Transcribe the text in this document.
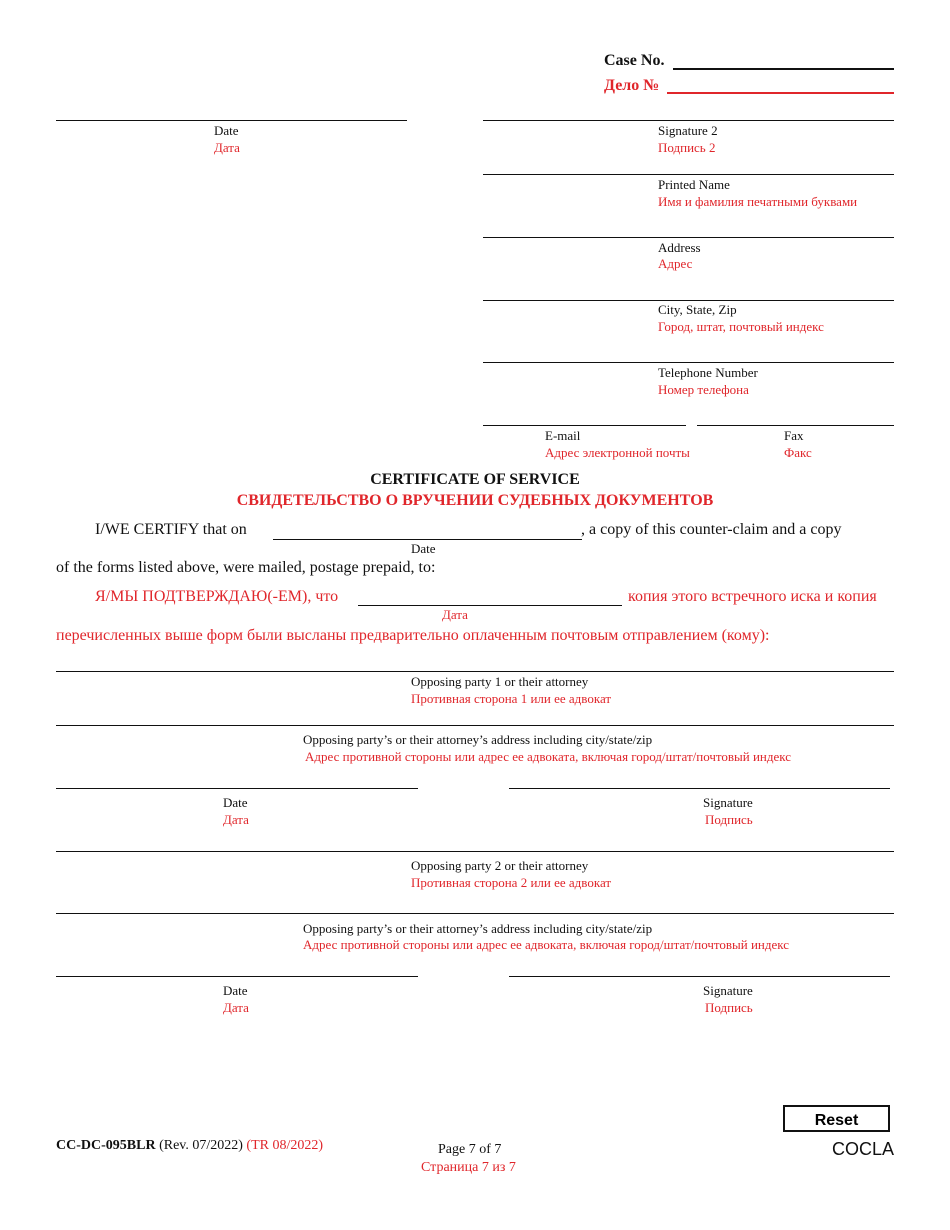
Case No.
Дело №
Date
Дата
Signature 2
Подпись 2
Printed Name
Имя и фамилия печатными буквами
Address
Адрес
City, State, Zip
Город, штат, почтовый индекс
Telephone Number
Номер телефона
E-mail
Адрес электронной почты
Fax
Факс
CERTIFICATE OF SERVICE
СВИДЕТЕЛЬСТВО О ВРУЧЕНИИ СУДЕБНЫХ ДОКУМЕНТОВ
I/WE CERTIFY that on	, a copy of this counter-claim and a copy
Date
of the forms listed above, were mailed, postage prepaid, to:
Я/МЫ ПОДТВЕРЖДАЮ(-ЕМ), что	копия этого встречного иска и копия
Дата
перечисленных выше форм были высланы предварительно оплаченным почтовым отправлением (кому):
Opposing party 1 or their attorney
Противная сторона 1 или ее адвокат
Opposing party’s or their attorney’s address including city/state/zip
Адрес противной стороны или адрес ее адвоката, включая город/штат/почтовый индекс
Date
Дата
Signature
Подпись
Opposing party 2 or their attorney
Противная сторона 2 или ее адвокат
Opposing party’s or their attorney’s address including city/state/zip
Адрес противной стороны или адрес ее адвоката, включая город/штат/почтовый индекс
Date
Дата
Signature
Подпись
CC-DC-095BLR (Rev. 07/2022) (TR 08/2022)	Page 7 of 7
Страница 7 из 7
Reset
COCLA
